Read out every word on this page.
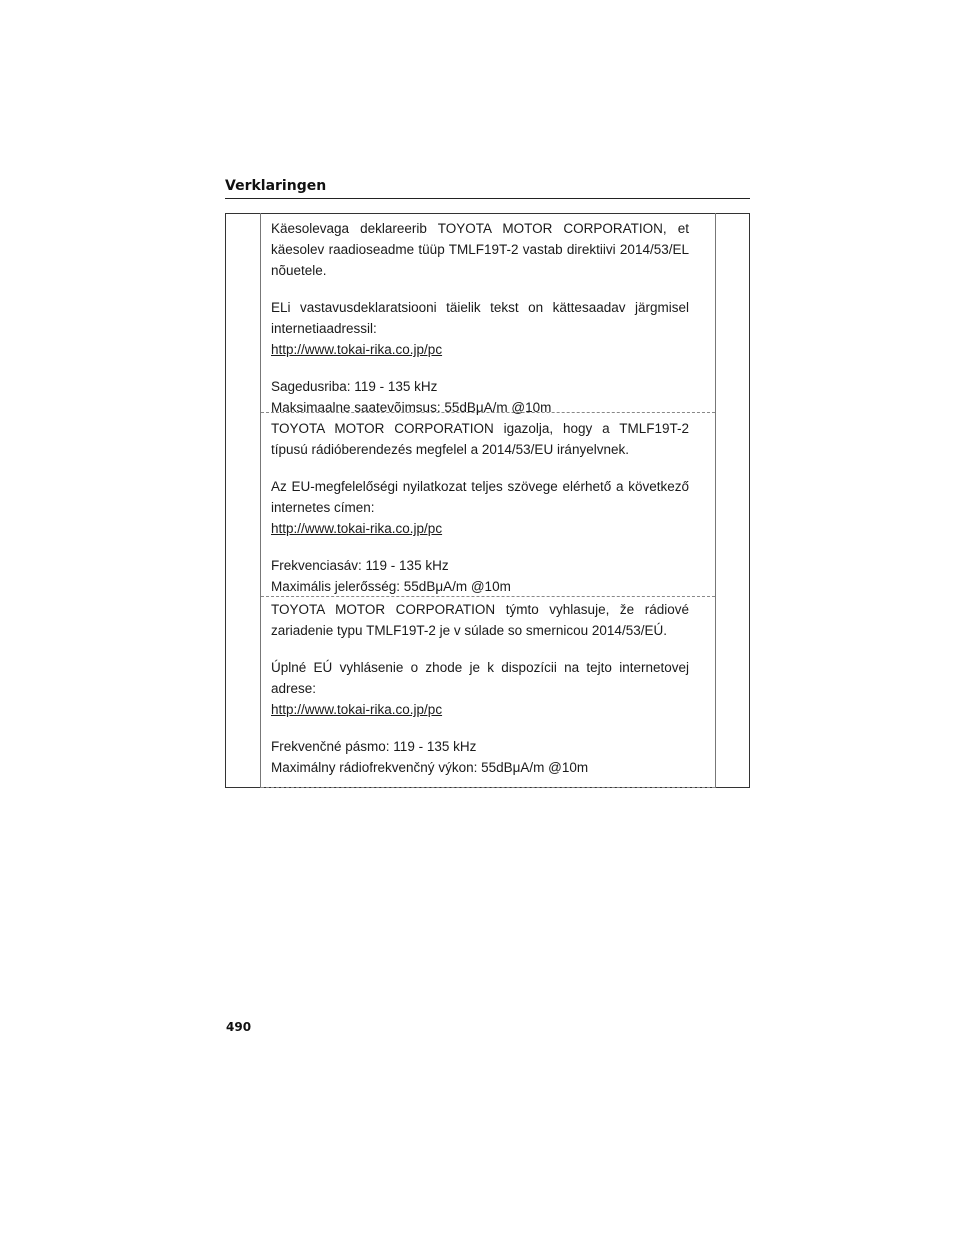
Verklaringen

Käesolevaga deklareerib TOYOTA MOTOR CORPORATION, et käesolev raadioseadme tüüp TMLF19T-2 vastab direktiivi 2014/53/EL nõuetele.

ELi vastavusdeklaratsiooni täielik tekst on kättesaadav järgmisel internetiaadressil:

http://www.tokai-rika.co.jp/pc

Sagedusriba: 119 - 135 kHz

Maksimaalne saatevõimsus: 55dBμA/m @10m

TOYOTA MOTOR CORPORATION igazolja, hogy a TMLF19T-2 típusú rádióberendezés megfelel a 2014/53/EU irányelvnek.

Az EU-megfelelőségi nyilatkozat teljes szövege elérhető a következő internetes címen:

http://www.tokai-rika.co.jp/pc

Frekvenciasáv: 119 - 135 kHz

Maximális jelerősség: 55dBμA/m @10m

TOYOTA MOTOR CORPORATION týmto vyhlasuje, že rádiové zariadenie typu TMLF19T-2 je v súlade so smernicou 2014/53/EÚ.

Úplné EÚ vyhlásenie o zhode je k dispozícii na tejto internetovej adrese:

http://www.tokai-rika.co.jp/pc

Frekvenčné pásmo: 119 - 135 kHz

Maximálny rádiofrekvenčný výkon: 55dBμA/m @10m

490
